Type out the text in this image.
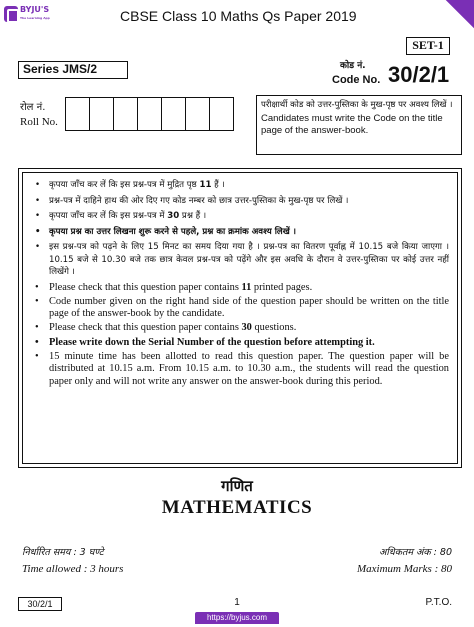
BYJU'S
The Learning App	CBSE Class 10 Maths Qs Paper 2019
SET-1
Series JMS/2	कोड नं.
Code No. 30/2/1
रोल नं.
Roll No.
परीक्षार्थी कोड को उत्तर-पुस्तिका के मुख-पृष्ठ पर अवश्य लिखें ।
Candidates must write the Code on the title page of the answer-book.
• कृपया जाँच कर लें कि इस प्रश्न-पत्र में मुद्रित पृष्ठ 11 हैं ।
• प्रश्न-पत्र में दाहिने हाथ की ओर दिए गए कोड नम्बर को छात्र उत्तर-पुस्तिका के मुख-पृष्ठ पर लिखें ।
• कृपया जाँच कर लें कि इस प्रश्न-पत्र में 30 प्रश्न हैं ।
• कृपया प्रश्न का उत्तर लिखना शुरू करने से पहले, प्रश्न का क्रमांक अवश्य लिखें ।
• इस प्रश्न-पत्र को पढ़ने के लिए 15 मिनट का समय दिया गया है । प्रश्न-पत्र का वितरण पूर्वाह्न में 10.15 बजे किया जाएगा । 10.15 बजे से 10.30 बजे तक छात्र केवल प्रश्न-पत्र को पढ़ेंगे और इस अवधि के दौरान वे उत्तर-पुस्तिका पर कोई उत्तर नहीं लिखेंगे ।
• Please check that this question paper contains 11 printed pages.
• Code number given on the right hand side of the question paper should be written on the title page of the answer-book by the candidate.
• Please check that this question paper contains 30 questions.
• Please write down the Serial Number of the question before attempting it.
• 15 minute time has been allotted to read this question paper. The question paper will be distributed at 10.15 a.m. From 10.15 a.m. to 10.30 a.m., the students will read the question paper only and will not write any answer on the answer-book during this period.
गणित
MATHEMATICS
निर्धारित समय : 3 घण्टे
Time allowed : 3 hours
अधिकतम अंक : 80
Maximum Marks : 80
30/2/1	1	P.T.O.
https://byjus.com
